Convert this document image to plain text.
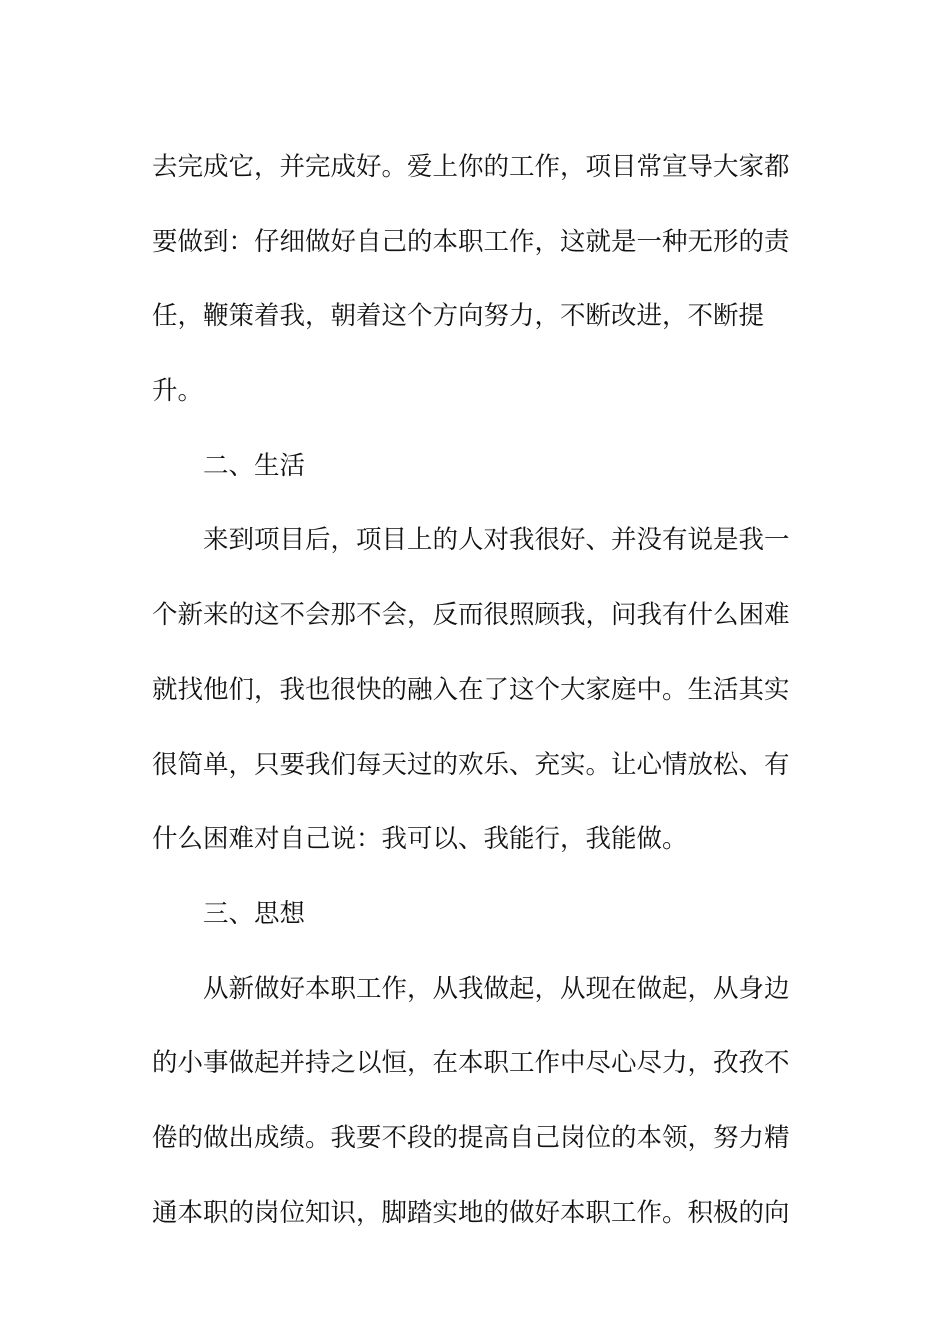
去完成它，并完成好。爱上你的工作，项目常宣导大家都
要做到：仔细做好自己的本职工作，这就是一种无形的责
任，鞭策着我，朝着这个方向努力，不断改进，不断提
升。
二、生活
来到项目后，项目上的人对我很好、并没有说是我一
个新来的这不会那不会，反而很照顾我，问我有什么困难
就找他们，我也很快的融入在了这个大家庭中。生活其实
很简单，只要我们每天过的欢乐、充实。让心情放松、有
什么困难对自己说：我可以、我能行，我能做。
三、思想
从新做好本职工作，从我做起，从现在做起，从身边
的小事做起并持之以恒，在本职工作中尽心尽力，孜孜不
倦的做出成绩。我要不段的提高自己岗位的本领，努力精
通本职的岗位知识，脚踏实地的做好本职工作。积极的向
